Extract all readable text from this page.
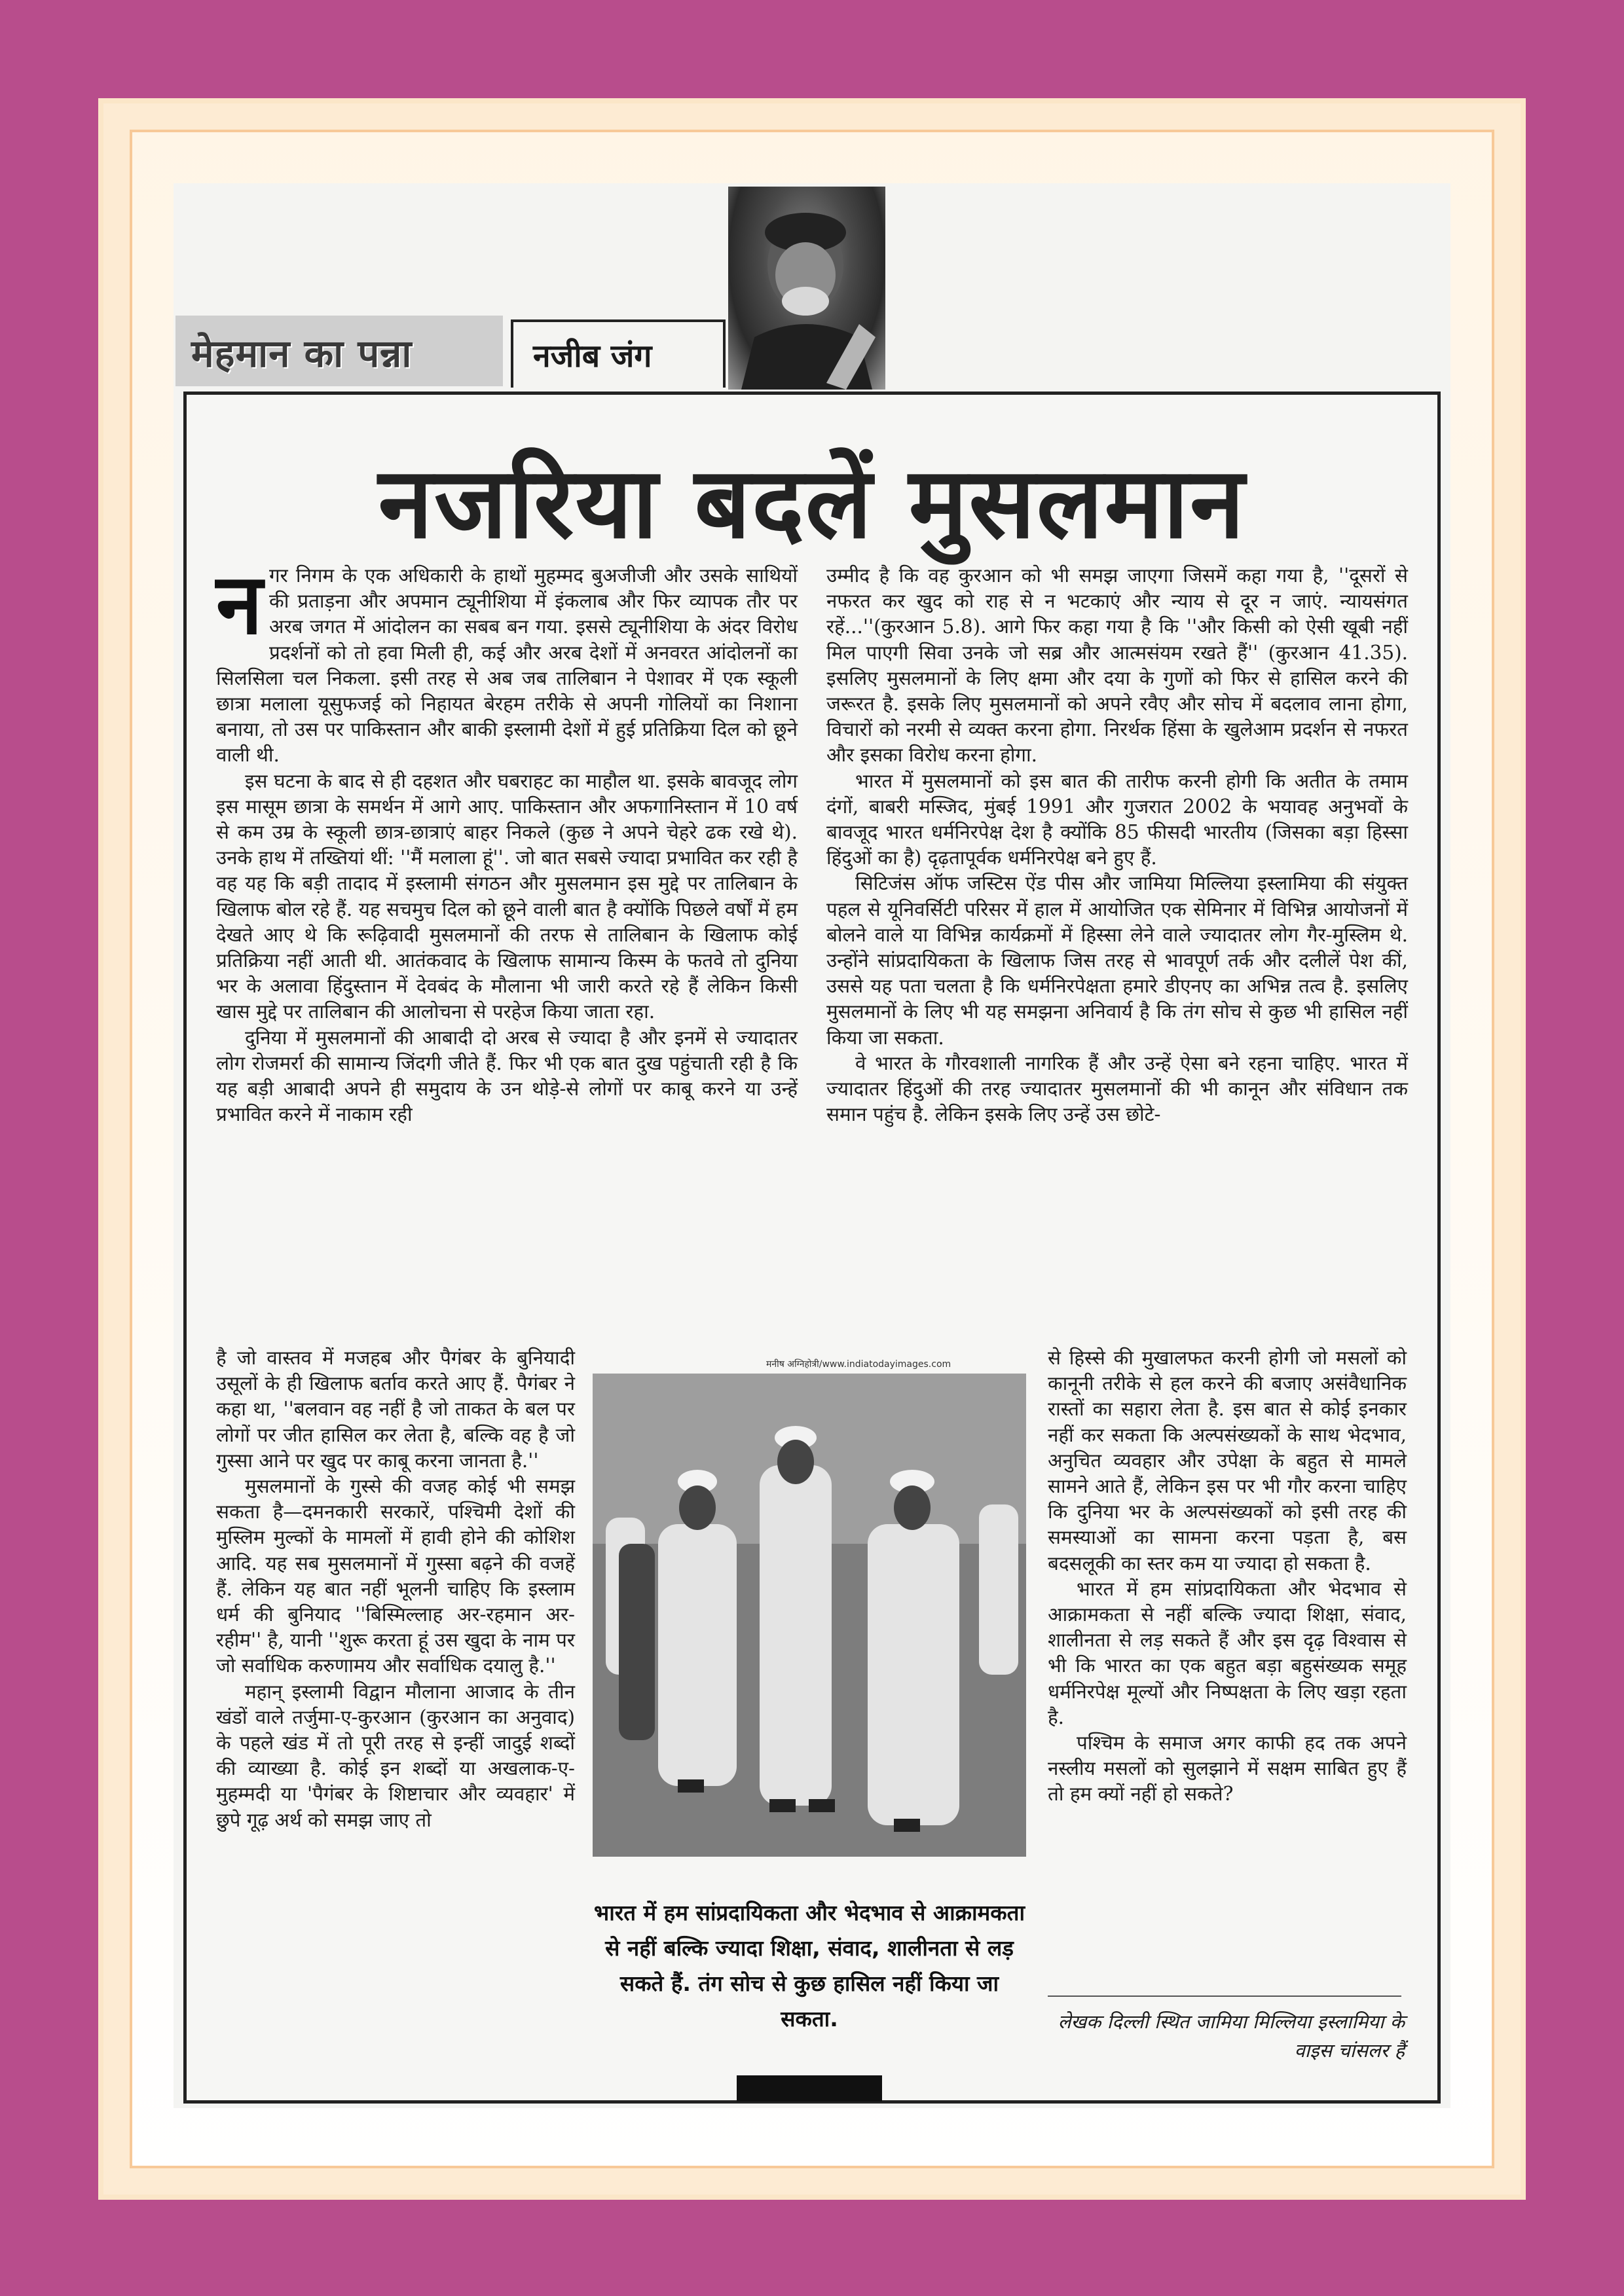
मेहमान का पन्ना	नजीब जंग
नजरिया बदलें मुसलमान

नगर निगम के एक अधिकारी के हाथों मुहम्मद बुअजीजी और उसके साथियों की प्रताड़ना और अपमान ट्यूनीशिया में इंकलाब और फिर व्यापक तौर पर अरब जगत में आंदोलन का सबब बन गया. इससे ट्यूनीशिया के अंदर विरोध प्रदर्शनों को तो हवा मिली ही, कई और अरब देशों में अनवरत आंदोलनों का सिलसिला चल निकला. इसी तरह से अब जब तालिबान ने पेशावर में एक स्कूली छात्रा मलाला यूसुफजई को निहायत बेरहम तरीके से अपनी गोलियों का निशाना बनाया, तो उस पर पाकिस्तान और बाकी इस्लामी देशों में हुई प्रतिक्रिया दिल को छूने वाली थी.

इस घटना के बाद से ही दहशत और घबराहट का माहौल था. इसके बावजूद लोग इस मासूम छात्रा के समर्थन में आगे आए. पाकिस्तान और अफगानिस्तान में 10 वर्ष से कम उम्र के स्कूली छात्र-छात्राएं बाहर निकले (कुछ ने अपने चेहरे ढक रखे थे). उनके हाथ में तख्तियां थीं: ''मैं मलाला हूं''. जो बात सबसे ज्यादा प्रभावित कर रही है वह यह कि बड़ी तादाद में इस्लामी संगठन और मुसलमान इस मुद्दे पर तालिबान के खिलाफ बोल रहे हैं. यह सचमुच दिल को छूने वाली बात है क्योंकि पिछले वर्षों में हम देखते आए थे कि रूढ़िवादी मुसलमानों की तरफ से तालिबान के खिलाफ कोई प्रतिक्रिया नहीं आती थी. आतंकवाद के खिलाफ सामान्य किस्म के फतवे तो दुनिया भर के अलावा हिंदुस्तान में देवबंद के मौलाना भी जारी करते रहे हैं लेकिन किसी खास मुद्दे पर तालिबान की आलोचना से परहेज किया जाता रहा.

दुनिया में मुसलमानों की आबादी दो अरब से ज्यादा है और इनमें से ज्यादातर लोग रोजमर्रा की सामान्य जिंदगी जीते हैं. फिर भी एक बात दुख पहुंचाती रही है कि यह बड़ी आबादी अपने ही समुदाय के उन थोड़े-से लोगों पर काबू करने या उन्हें प्रभावित करने में नाकाम रही

है जो वास्तव में मजहब और पैगंबर के बुनियादी उसूलों के ही खिलाफ बर्ताव करते आए हैं. पैगंबर ने कहा था, ''बलवान वह नहीं है जो ताकत के बल पर लोगों पर जीत हासिल कर लेता है, बल्कि वह है जो गुस्सा आने पर खुद पर काबू करना जानता है.''

मुसलमानों के गुस्से की वजह कोई भी समझ सकता है—दमनकारी सरकारें, पश्चिमी देशों की मुस्लिम मुल्कों के मामलों में हावी होने की कोशिश आदि. यह सब मुसलमानों में गुस्सा बढ़ने की वजहें हैं. लेकिन यह बात नहीं भूलनी चाहिए कि इस्लाम धर्म की बुनियाद ''बिस्मिल्लाह अर-रहमान अर-रहीम'' है, यानी ''शुरू करता हूं उस खुदा के नाम पर जो सर्वाधिक करुणामय और सर्वाधिक दयालु है.''

महान् इस्लामी विद्वान मौलाना आजाद के तीन खंडों वाले तर्जुमा-ए-कुरआन (कुरआन का अनुवाद) के पहले खंड में तो पूरी तरह से इन्हीं जादुई शब्दों की व्याख्या है. कोई इन शब्दों या अखलाक-ए-मुहम्मदी या 'पैगंबर के शिष्टाचार और व्यवहार' में छुपे गूढ़ अर्थ को समझ जाए तो

उम्मीद है कि वह कुरआन को भी समझ जाएगा जिसमें कहा गया है, ''दूसरों से नफरत कर खुद को राह से न भटकाएं और न्याय से दूर न जाएं. न्यायसंगत रहें...''(कुरआन 5.8). आगे फिर कहा गया है कि ''और किसी को ऐसी खूबी नहीं मिल पाएगी सिवा उनके जो सब्र और आत्मसंयम रखते हैं'' (कुरआन 41.35). इसलिए मुसलमानों के लिए क्षमा और दया के गुणों को फिर से हासिल करने की जरूरत है. इसके लिए मुसलमानों को अपने रवैए और सोच में बदलाव लाना होगा, विचारों को नरमी से व्यक्त करना होगा. निरर्थक हिंसा के खुलेआम प्रदर्शन से नफरत और इसका विरोध करना होगा.

भारत में मुसलमानों को इस बात की तारीफ करनी होगी कि अतीत के तमाम दंगों, बाबरी मस्जिद, मुंबई 1991 और गुजरात 2002 के भयावह अनुभवों के बावजूद भारत धर्मनिरपेक्ष देश है क्योंकि 85 फीसदी भारतीय (जिसका बड़ा हिस्सा हिंदुओं का है) दृढ़तापूर्वक धर्मनिरपेक्ष बने हुए हैं.

सिटिजंस ऑफ जस्टिस ऐंड पीस और जामिया मिल्लिया इस्लामिया की संयुक्त पहल से यूनिवर्सिटी परिसर में हाल में आयोजित एक सेमिनार में विभिन्न आयोजनों में बोलने वाले या विभिन्न कार्यक्रमों में हिस्सा लेने वाले ज्यादातर लोग गैर-मुस्लिम थे. उन्होंने सांप्रदायिकता के खिलाफ जिस तरह से भावपूर्ण तर्क और दलीलें पेश कीं, उससे यह पता चलता है कि धर्मनिरपेक्षता हमारे डीएनए का अभिन्न तत्व है. इसलिए मुसलमानों के लिए भी यह समझना अनिवार्य है कि तंग सोच से कुछ भी हासिल नहीं किया जा सकता.

वे भारत के गौरवशाली नागरिक हैं और उन्हें ऐसा बने रहना चाहिए. भारत में ज्यादातर हिंदुओं की तरह ज्यादातर मुसलमानों की भी कानून और संविधान तक समान पहुंच है. लेकिन इसके लिए उन्हें उस छोटे-

से हिस्से की मुखालफत करनी होगी जो मसलों को कानूनी तरीके से हल करने की बजाए असंवैधानिक रास्तों का सहारा लेता है. इस बात से कोई इनकार नहीं कर सकता कि अल्पसंख्यकों के साथ भेदभाव, अनुचित व्यवहार और उपेक्षा के बहुत से मामले सामने आते हैं, लेकिन इस पर भी गौर करना चाहिए कि दुनिया भर के अल्पसंख्यकों को इसी तरह की समस्याओं का सामना करना पड़ता है, बस बदसलूकी का स्तर कम या ज्यादा हो सकता है.

भारत में हम सांप्रदायिकता और भेदभाव से आक्रामकता से नहीं बल्कि ज्यादा शिक्षा, संवाद, शालीनता से लड़ सकते हैं और इस दृढ़ विश्वास से भी कि भारत का एक बहुत बड़ा बहुसंख्यक समूह धर्मनिरपेक्ष मूल्यों और निष्पक्षता के लिए खड़ा रहता है.

पश्चिम के समाज अगर काफी हद तक अपने नस्लीय मसलों को सुलझाने में सक्षम साबित हुए हैं तो हम क्यों नहीं हो सकते?

मनीष अग्निहोत्री/www.indiatodayimages.com
भारत में हम सांप्रदायिकता और भेदभाव से आक्रामकता से नहीं बल्कि ज्यादा शिक्षा, संवाद, शालीनता से लड़ सकते हैं. तंग सोच से कुछ हासिल नहीं किया जा सकता.	लेखक दिल्ली स्थित जामिया मिल्लिया इस्लामिया के वाइस चांसलर हैं
